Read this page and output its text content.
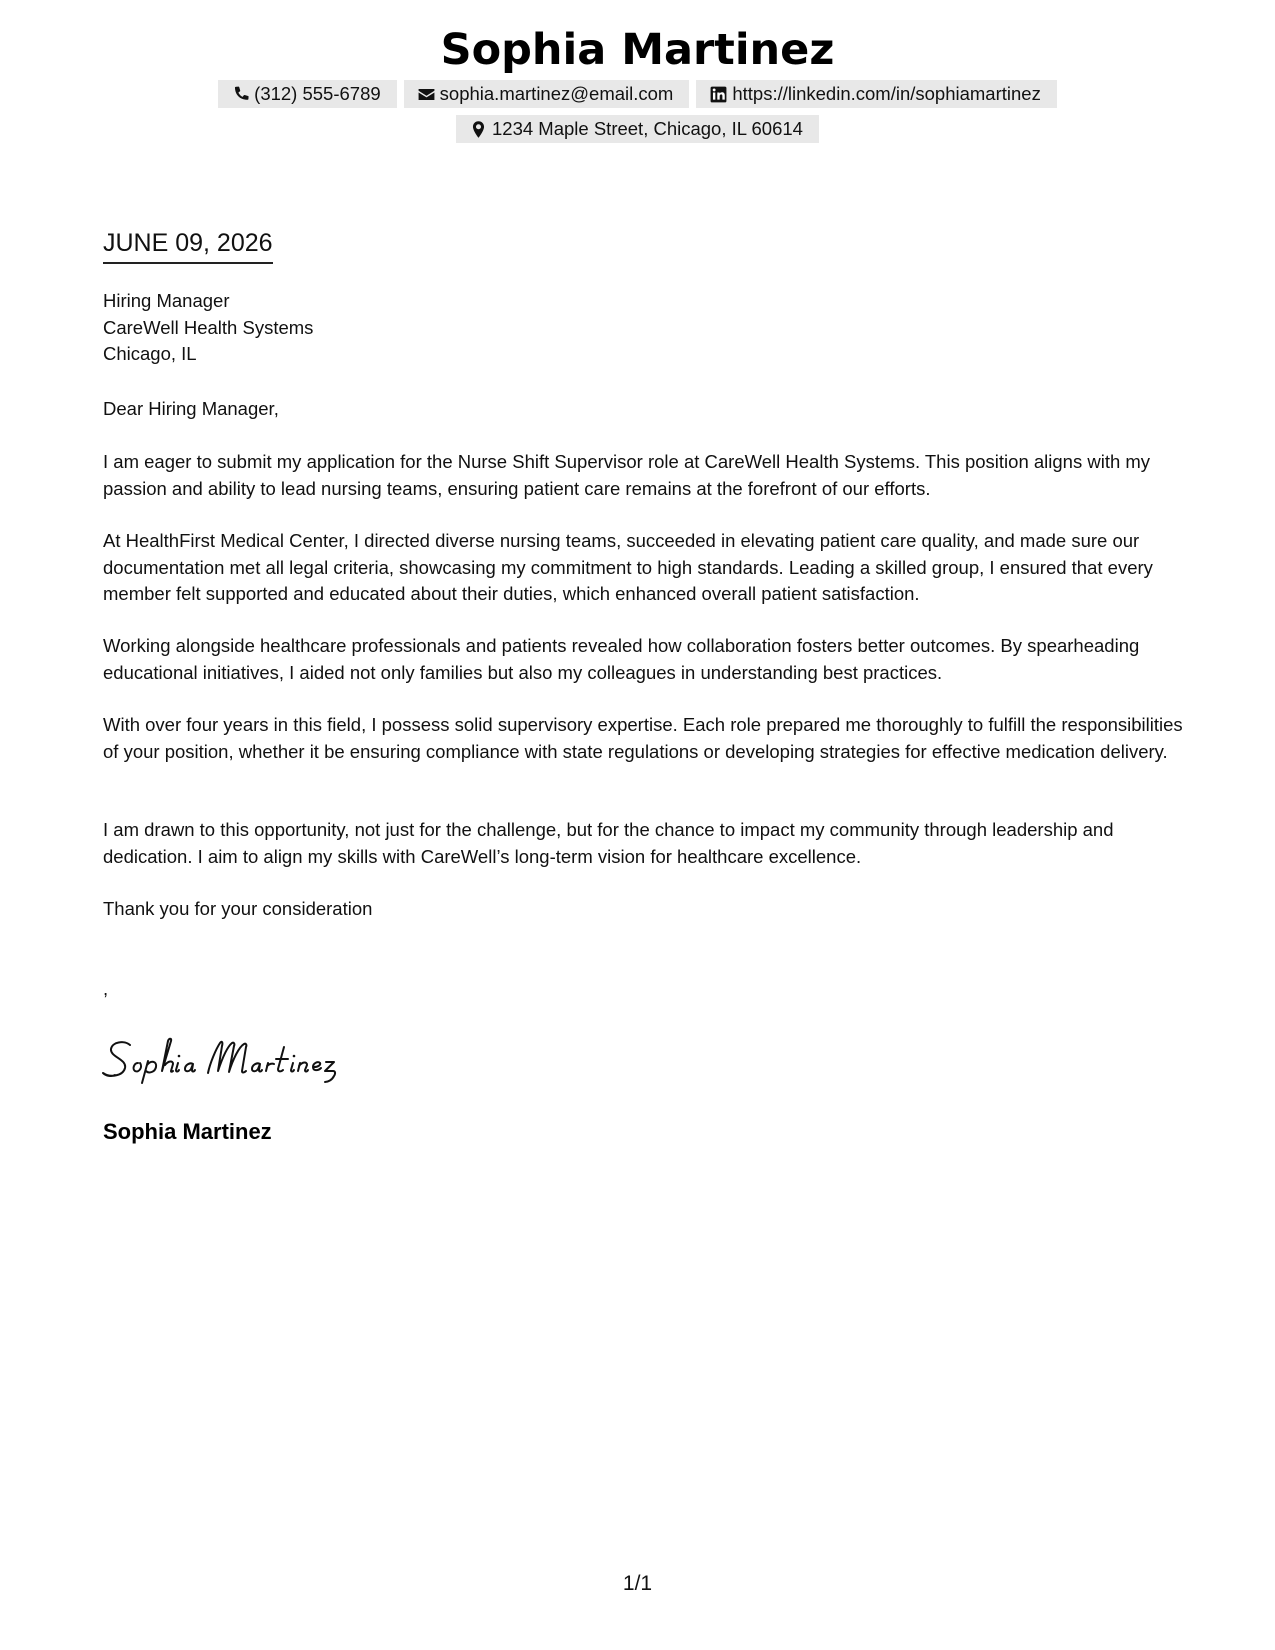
Sophia Martinez
(312) 555-6789	sophia.martinez@email.com	https://linkedin.com/in/sophiamartinez
1234 Maple Street, Chicago, IL 60614
JUNE 09, 2026
Hiring Manager
CareWell Health Systems
Chicago, IL
Dear Hiring Manager,

I am eager to submit my application for the Nurse Shift Supervisor role at CareWell Health Systems. This position aligns with my passion and ability to lead nursing teams, ensuring patient care remains at the forefront of our efforts.

At HealthFirst Medical Center, I directed diverse nursing teams, succeeded in elevating patient care quality, and made sure our documentation met all legal criteria, showcasing my commitment to high standards. Leading a skilled group, I ensured that every member felt supported and educated about their duties, which enhanced overall patient satisfaction.

Working alongside healthcare professionals and patients revealed how collaboration fosters better outcomes. By spearheading educational initiatives, I aided not only families but also my colleagues in understanding best practices.

With over four years in this field, I possess solid supervisory expertise. Each role prepared me thoroughly to fulfill the responsibilities of your position, whether it be ensuring compliance with state regulations or developing strategies for effective medication delivery.

I am drawn to this opportunity, not just for the challenge, but for the chance to impact my community through leadership and dedication. I aim to align my skills with CareWell’s long-term vision for healthcare excellence.

Thank you for your consideration
,
Sophia Martinez
1/1
